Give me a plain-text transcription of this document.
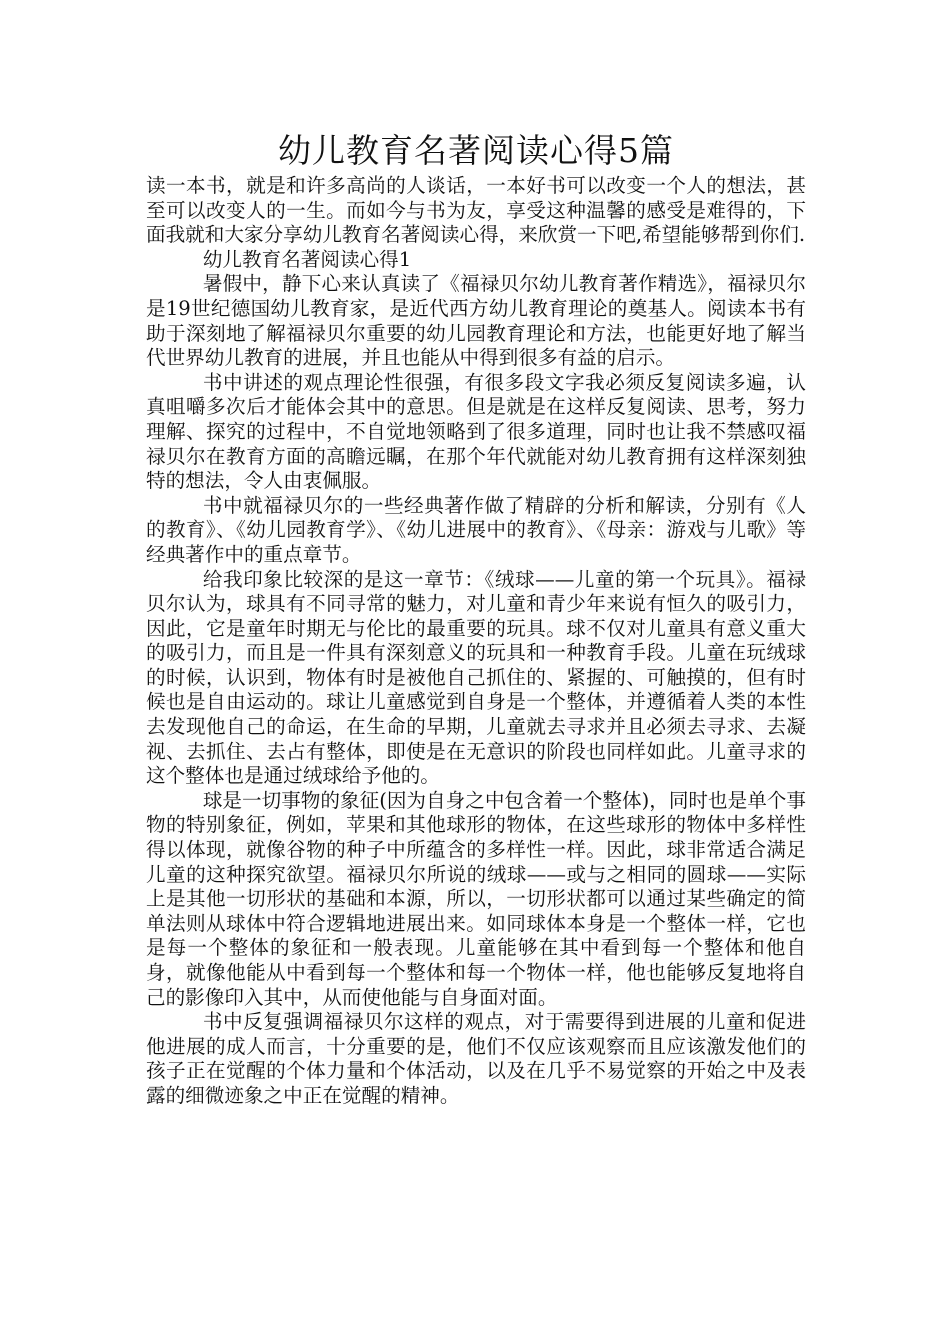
幼儿教育名著阅读心得5篇

读一本书，就是和许多高尚的人谈话，一本好书可以改变一个人的想法，甚至可以改变人的一生。而如今与书为友，享受这种温馨的感受是难得的，下面我就和大家分享幼儿教育名著阅读心得，来欣赏一下吧,希望能够帮到你们.

幼儿教育名著阅读心得1

暑假中，静下心来认真读了《福禄贝尔幼儿教育著作精选》，福禄贝尔是19世纪德国幼儿教育家，是近代西方幼儿教育理论的奠基人。阅读本书有助于深刻地了解福禄贝尔重要的幼儿园教育理论和方法，也能更好地了解当代世界幼儿教育的进展，并且也能从中得到很多有益的启示。

书中讲述的观点理论性很强，有很多段文字我必须反复阅读多遍，认真咀嚼多次后才能体会其中的意思。但是就是在这样反复阅读、思考，努力理解、探究的过程中，不自觉地领略到了很多道理，同时也让我不禁感叹福禄贝尔在教育方面的高瞻远瞩，在那个年代就能对幼儿教育拥有这样深刻独特的想法，令人由衷佩服。

书中就福禄贝尔的一些经典著作做了精辟的分析和解读，分别有《人的教育》、《幼儿园教育学》、《幼儿进展中的教育》、《母亲：游戏与儿歌》等经典著作中的重点章节。

给我印象比较深的是这一章节：《绒球——儿童的第一个玩具》。福禄贝尔认为，球具有不同寻常的魅力，对儿童和青少年来说有恒久的吸引力，因此，它是童年时期无与伦比的最重要的玩具。球不仅对儿童具有意义重大的吸引力，而且是一件具有深刻意义的玩具和一种教育手段。儿童在玩绒球的时候，认识到，物体有时是被他自己抓住的、紧握的、可触摸的，但有时候也是自由运动的。球让儿童感觉到自身是一个整体，并遵循着人类的本性去发现他自己的命运，在生命的早期，儿童就去寻求并且必须去寻求、去凝视、去抓住、去占有整体，即使是在无意识的阶段也同样如此。儿童寻求的这个整体也是通过绒球给予他的。

球是一切事物的象征(因为自身之中包含着一个整体)，同时也是单个事物的特别象征，例如，苹果和其他球形的物体，在这些球形的物体中多样性得以体现，就像谷物的种子中所蕴含的多样性一样。因此，球非常适合满足儿童的这种探究欲望。福禄贝尔所说的绒球——或与之相同的圆球——实际上是其他一切形状的基础和本源，所以，一切形状都可以通过某些确定的简单法则从球体中符合逻辑地进展出来。如同球体本身是一个整体一样，它也是每一个整体的象征和一般表现。儿童能够在其中看到每一个整体和他自身，就像他能从中看到每一个整体和每一个物体一样，他也能够反复地将自己的影像印入其中，从而使他能与自身面对面。

书中反复强调福禄贝尔这样的观点，对于需要得到进展的儿童和促进他进展的成人而言，十分重要的是，他们不仅应该观察而且应该激发他们的孩子正在觉醒的个体力量和个体活动，以及在几乎不易觉察的开始之中及表露的细微迹象之中正在觉醒的精神。
